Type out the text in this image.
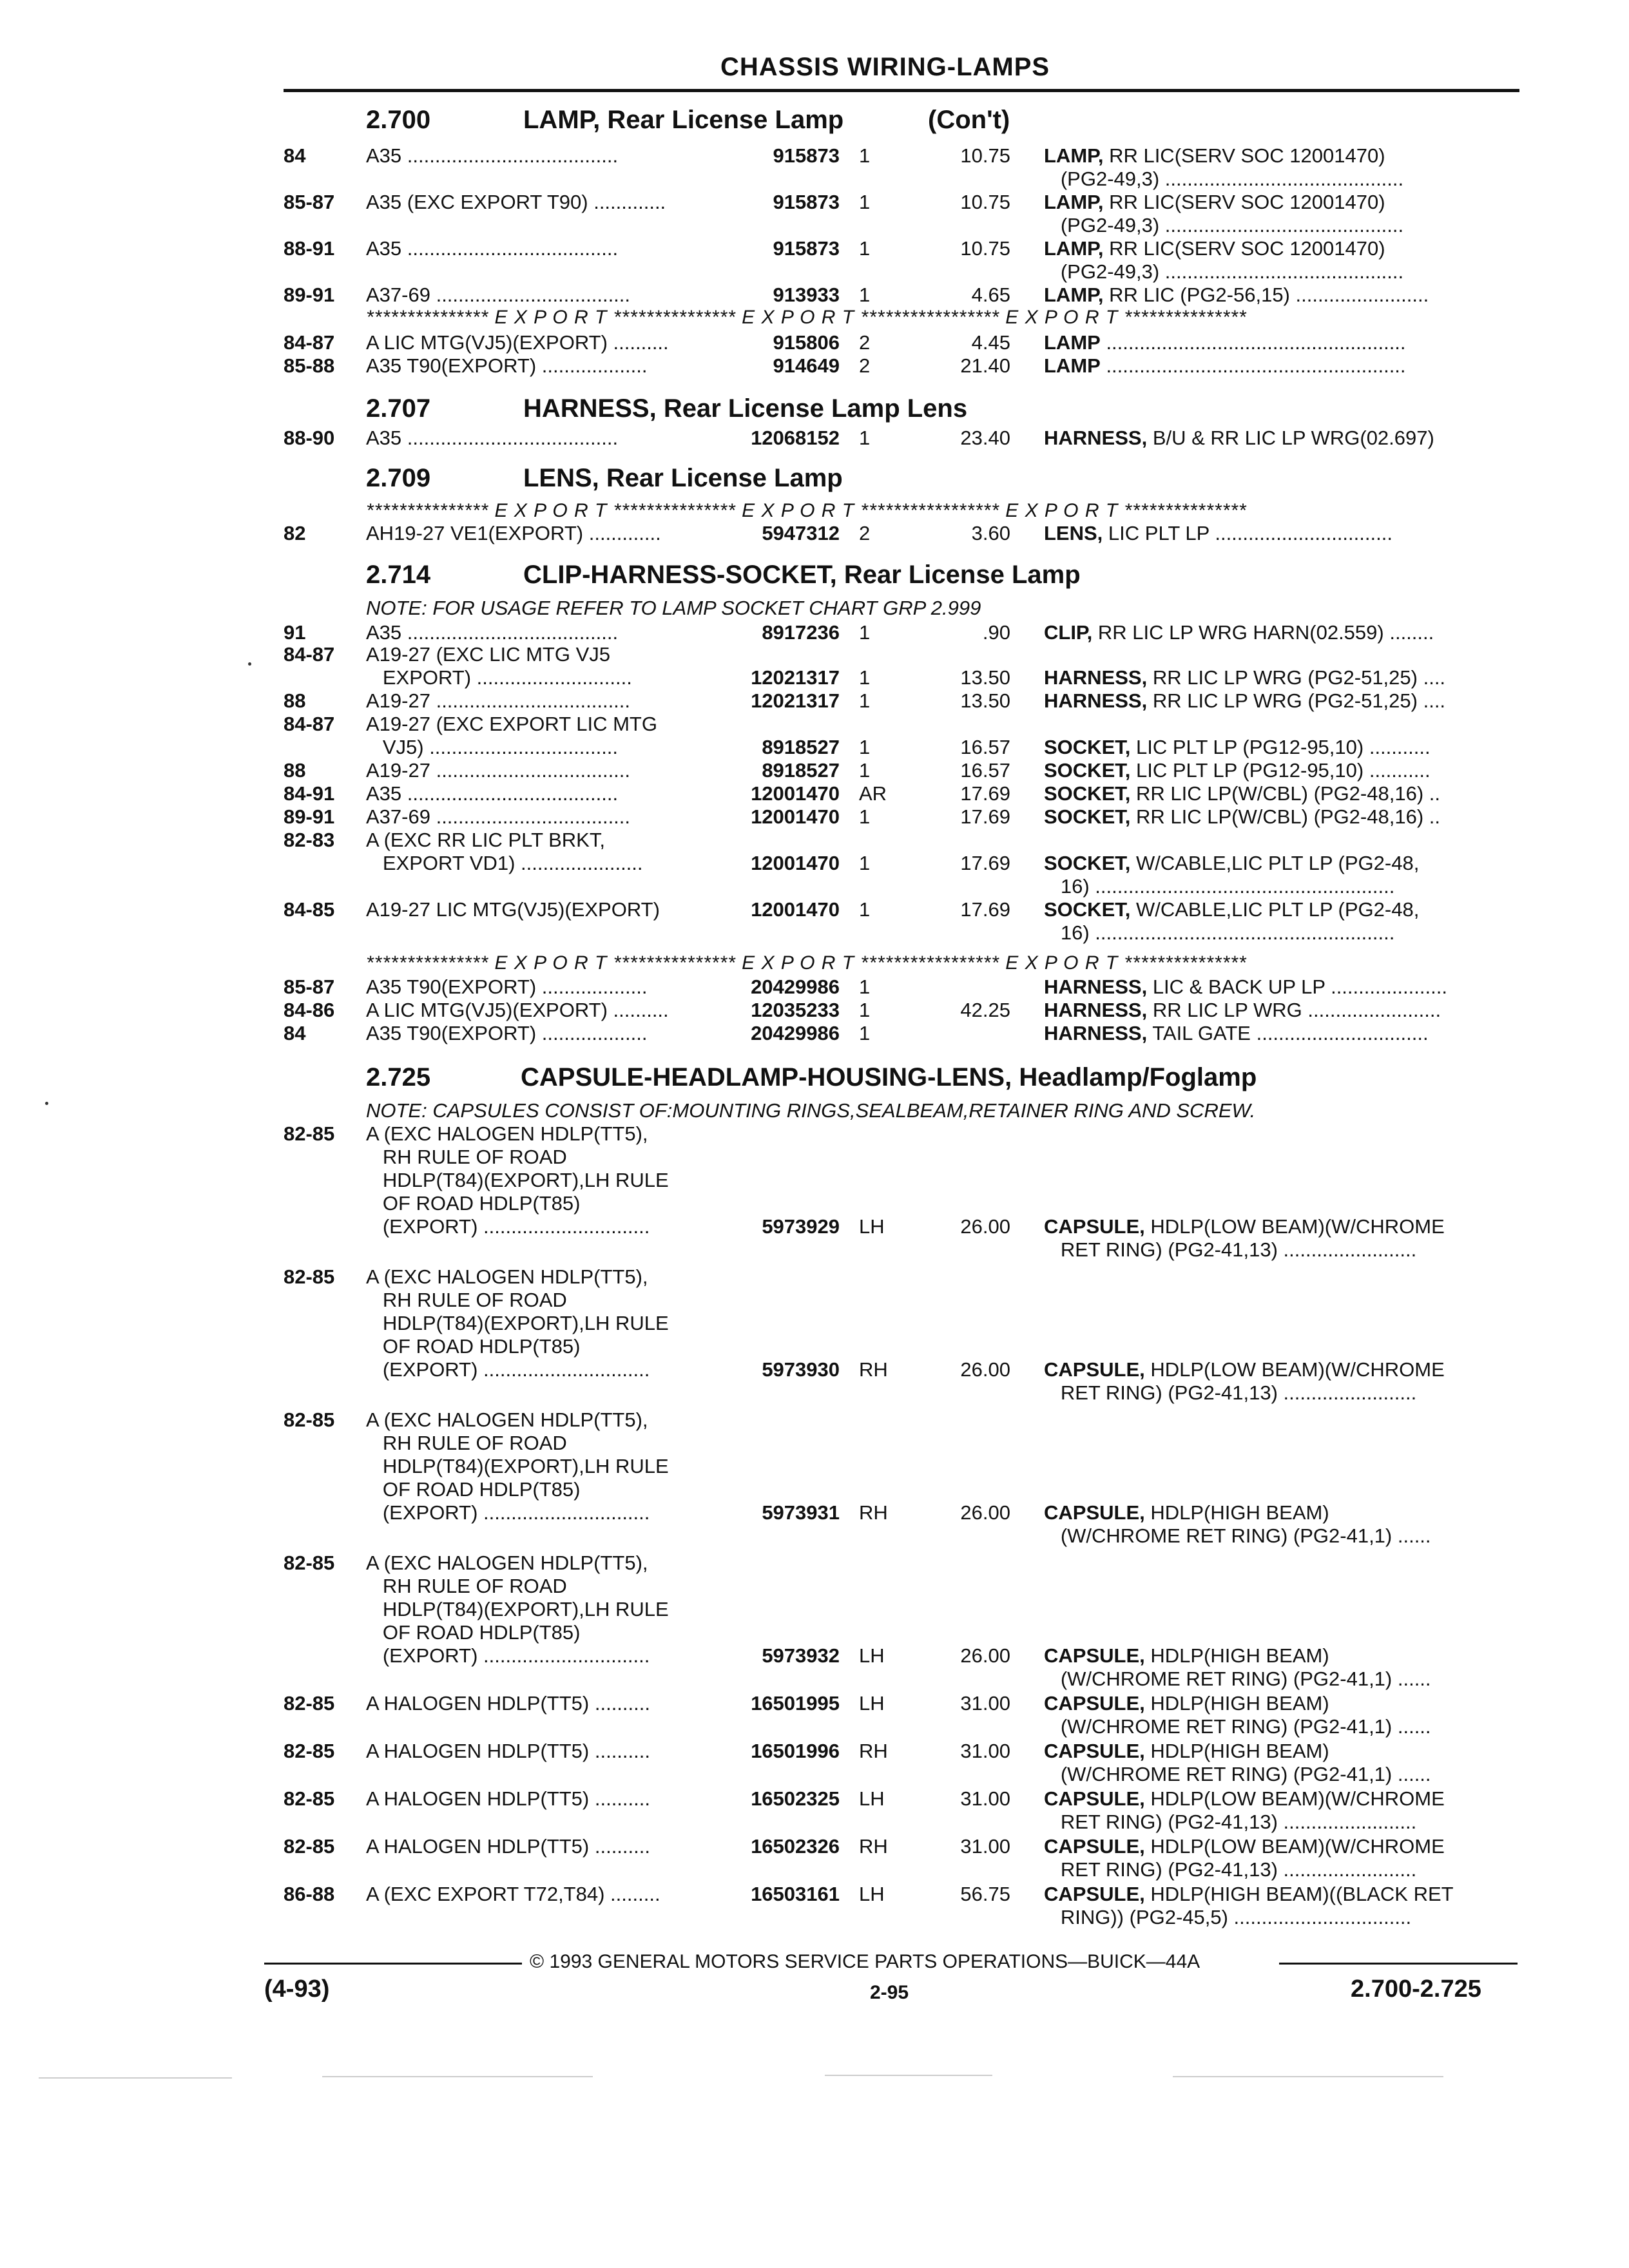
CHASSIS WIRING-LAMPS
2.700	LAMP, Rear License Lamp	(Con't)
*************** E X P O R T *************** E X P O R T ***************** E X P O R T ***************
2.707	HARNESS, Rear License Lamp Lens
2.709	LENS, Rear License Lamp
*************** E X P O R T *************** E X P O R T ***************** E X P O R T ***************
2.714	CLIP-HARNESS-SOCKET, Rear License Lamp
NOTE: FOR USAGE REFER TO LAMP SOCKET CHART GRP 2.999
*************** E X P O R T *************** E X P O R T ***************** E X P O R T ***************
2.725	CAPSULE-HEADLAMP-HOUSING-LENS, Headlamp/Foglamp
NOTE: CAPSULES CONSIST OF:MOUNTING RINGS,SEALBEAM,RETAINER RING AND SCREW.
84	A35 ......................................	915873 1	10.75 LAMP, RR LIC(SERV SOC 12001470)
(PG2-49,3) ...........................................
85-87 A35 (EXC EXPORT T90) .............	915873 1	10.75 LAMP, RR LIC(SERV SOC 12001470)
(PG2-49,3) ...........................................
88-91 A35 ......................................	915873 1	10.75 LAMP, RR LIC(SERV SOC 12001470)
(PG2-49,3) ...........................................
89-91 A37-69 ...................................	913933 1	4.65 LAMP, RR LIC (PG2-56,15) ........................
84-87 A LIC MTG(VJ5)(EXPORT) ..........	915806 2	4.45 LAMP ......................................................
85-88 A35 T90(EXPORT) ...................	914649 2	21.40 LAMP ......................................................
88-90 A35 ......................................	12068152 1	23.40 HARNESS, B/U & RR LIC LP WRG(02.697)
82	AH19-27 VE1(EXPORT) .............	5947312 2	3.60 LENS, LIC PLT LP ................................
91	A35 ......................................	8917236 1	.90 CLIP, RR LIC LP WRG HARN(02.559) ........
84-87 A19-27 (EXC LIC MTG VJ5
EXPORT) ............................	12021317 1	13.50 HARNESS, RR LIC LP WRG (PG2-51,25) ....
88	A19-27 ...................................	12021317 1	13.50 HARNESS, RR LIC LP WRG (PG2-51,25) ....
84-87 A19-27 (EXC EXPORT LIC MTG
VJ5) ..................................	8918527 1	16.57 SOCKET, LIC PLT LP (PG12-95,10) ...........
88	A19-27 ...................................	8918527 1	16.57 SOCKET, LIC PLT LP (PG12-95,10) ...........
84-91 A35 ......................................	12001470 AR	17.69 SOCKET, RR LIC LP(W/CBL) (PG2-48,16) ..
89-91 A37-69 ...................................	12001470 1	17.69 SOCKET, RR LIC LP(W/CBL) (PG2-48,16) ..
82-83 A (EXC RR LIC PLT BRKT,
EXPORT VD1) ......................	12001470 1	17.69 SOCKET, W/CABLE,LIC PLT LP (PG2-48,
16) ......................................................
84-85 A19-27 LIC MTG(VJ5)(EXPORT)	12001470 1	17.69 SOCKET, W/CABLE,LIC PLT LP (PG2-48,
16) ......................................................
85-87 A35 T90(EXPORT) ...................	20429986 1	HARNESS, LIC & BACK UP LP .....................
84-86 A LIC MTG(VJ5)(EXPORT) ..........	12035233 1	42.25 HARNESS, RR LIC LP WRG ........................
84	A35 T90(EXPORT) ...................	20429986 1	HARNESS, TAIL GATE ...............................
82-85 A (EXC HALOGEN HDLP(TT5),
RH RULE OF ROAD
HDLP(T84)(EXPORT),LH RULE
OF ROAD HDLP(T85)
(EXPORT) ..............................	5973929 LH	26.00 CAPSULE, HDLP(LOW BEAM)(W/CHROME
RET RING) (PG2-41,13) ........................
82-85 A (EXC HALOGEN HDLP(TT5),
RH RULE OF ROAD
HDLP(T84)(EXPORT),LH RULE
OF ROAD HDLP(T85)
(EXPORT) ..............................	5973930 RH	26.00 CAPSULE, HDLP(LOW BEAM)(W/CHROME
RET RING) (PG2-41,13) ........................
82-85 A (EXC HALOGEN HDLP(TT5),
RH RULE OF ROAD
HDLP(T84)(EXPORT),LH RULE
OF ROAD HDLP(T85)
(EXPORT) ..............................	5973931 RH	26.00 CAPSULE, HDLP(HIGH BEAM)
(W/CHROME RET RING) (PG2-41,1) ......
82-85 A (EXC HALOGEN HDLP(TT5),
RH RULE OF ROAD
HDLP(T84)(EXPORT),LH RULE
OF ROAD HDLP(T85)
(EXPORT) ..............................	5973932 LH	26.00 CAPSULE, HDLP(HIGH BEAM)
(W/CHROME RET RING) (PG2-41,1) ......
82-85 A HALOGEN HDLP(TT5) ..........	16501995 LH	31.00 CAPSULE, HDLP(HIGH BEAM)
(W/CHROME RET RING) (PG2-41,1) ......
82-85 A HALOGEN HDLP(TT5) ..........	16501996 RH	31.00 CAPSULE, HDLP(HIGH BEAM)
(W/CHROME RET RING) (PG2-41,1) ......
82-85 A HALOGEN HDLP(TT5) ..........	16502325 LH	31.00 CAPSULE, HDLP(LOW BEAM)(W/CHROME
RET RING) (PG2-41,13) ........................
82-85 A HALOGEN HDLP(TT5) ..........	16502326 RH	31.00 CAPSULE, HDLP(LOW BEAM)(W/CHROME
RET RING) (PG2-41,13) ........................
86-88 A (EXC EXPORT T72,T84) .........	16503161 LH	56.75 CAPSULE, HDLP(HIGH BEAM)((BLACK RET
RING)) (PG2-45,5) ................................
© 1993 GENERAL MOTORS SERVICE PARTS OPERATIONS—BUICK—44A
(4-93)	2-95	2.700-2.725
